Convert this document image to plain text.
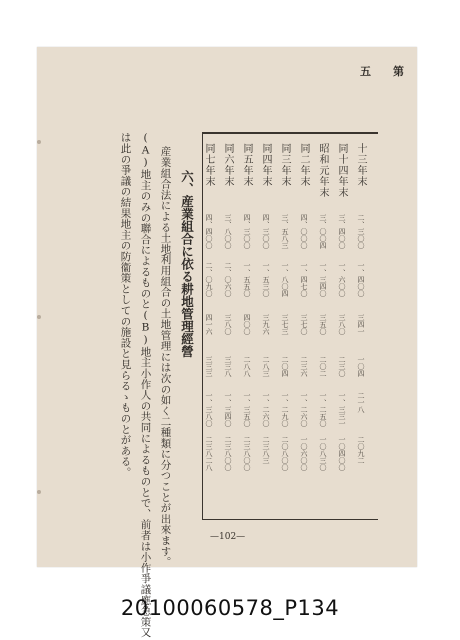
五 第
十三年末
同十四年末
昭和元年末
同二年末
同三年末
同四年末
同五年末
同六年末
同七年末
二、三〇〇
三、四〇〇
三、〇〇四
四、〇〇〇
三、五八三
四、三〇〇
四、三〇〇
三、八〇〇
四、四〇〇
一、四〇〇
一、六〇〇
一、三四〇
一、四七〇
一、八〇四
一、五三〇
一、五五〇
二、〇六〇
二、〇九〇
三四一
三八〇
三五〇
三七〇
三七三
三九六
四〇〇
三八〇
四一六
一〇四
二三〇
二〇二
二三六
二〇四
二八三
二八八
三三八
三三三
二一八
一、三三一
一、二五〇
一、二六〇
一、二九〇
一、二六〇
一、三五〇
一、三四〇
一、三八〇
二〇九二
一〇四〇〇
一〇八三〇
一〇六〇〇
二〇八〇〇
二三八三
二三八〇〇
二三八〇〇
二三八二八
六、産業組合に依る耕地管理經營
産業組合法による土地利用組合の土地管理には次の如く二種類に分つことが出來ます。
(A)地主のみの聯合によるものと(B)地主小作人の共同によるものとで、前者は小作爭議應急策又
は此の爭議の結果地主の防衞策としての施設と見らるゝものとがある。
—102—
20100060578_P134
